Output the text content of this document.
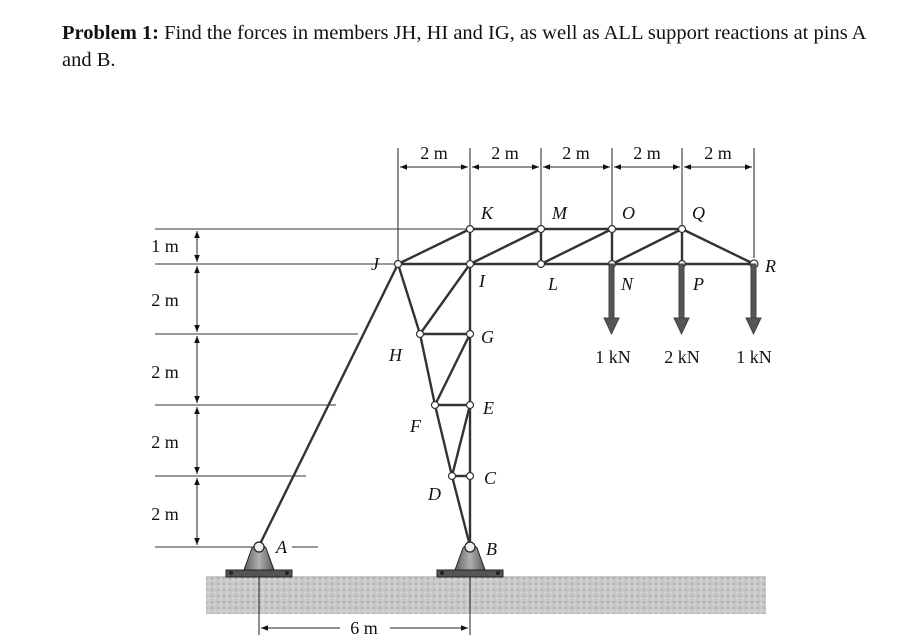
Problem 1: Find the forces in members JH, HI and IG, as well as ALL support reactions at pins A and B.
2 m 2 m 2 m 2 m 2 m
1 m
2 m
2 m
2 m
2 m
6 m
1 kN 2 kN 1 kN
A	B
C
D
E
F
G
H
I
J
K
L
M
N
O
P
Q
R
